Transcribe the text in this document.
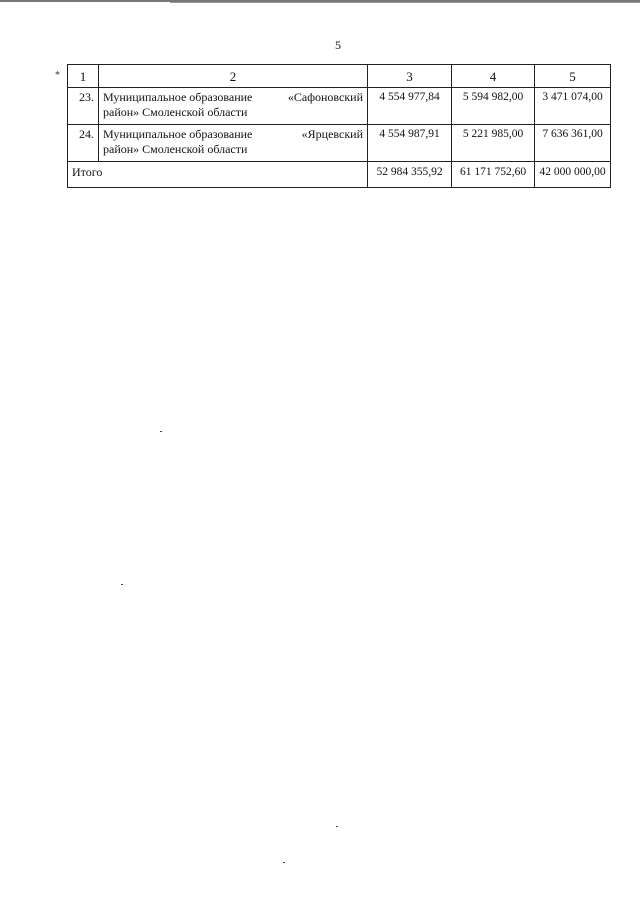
5
* 1	2	3	4	5
23.	Муниципальное образование «Сафоновский
район» Смоленской области	4 554 977,84	5 594 982,00	3 471 074,00
24.	Муниципальное образование «Ярцевский
район» Смоленской области	4 554 987,91	5 221 985,00	7 636 361,00
Итого		52 984 355,92	61 171 752,60	42 000 000,00
